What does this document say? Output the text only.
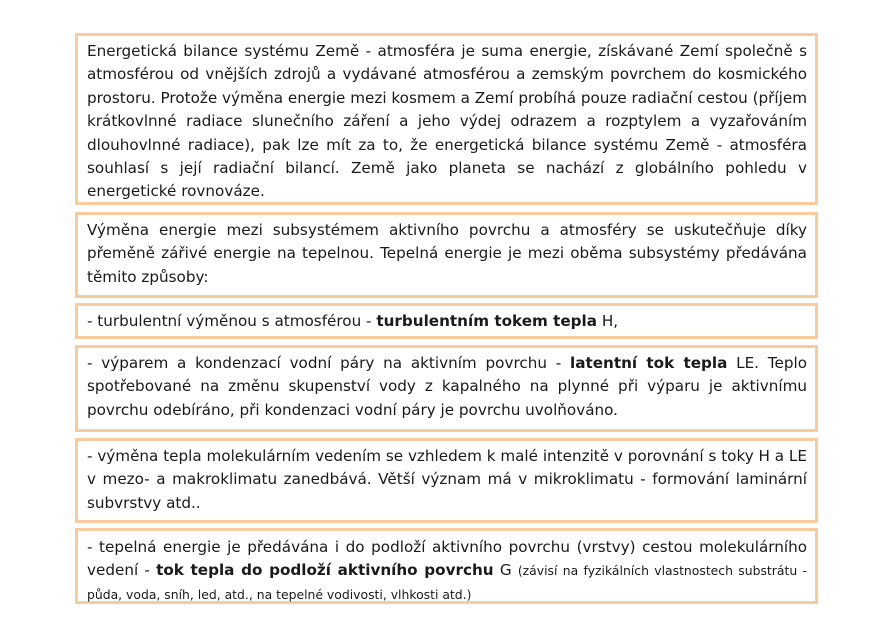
Energetická bilance systému Země - atmosféra je suma energie, získávané Zemí společně s atmosférou od vnějších zdrojů a vydávané atmosférou a zemským povrchem do kosmického prostoru. Protože výměna energie mezi kosmem a Zemí probíhá pouze radiační cestou (příjem krátkovlnné radiace slunečního záření a jeho výdej odrazem a rozptylem a vyzařováním dlouhovlnné radiace), pak lze mít za to, že energetická bilance systému Země - atmosféra souhlasí s její radiační bilancí. Země jako planeta se nachází z globálního pohledu v energetické rovnováze.
Výměna energie mezi subsystémem aktivního povrchu a atmosféry se uskutečňuje díky přeměně zářivé energie na tepelnou. Tepelná energie je mezi oběma subsystémy předávána těmito způsoby:
- turbulentní výměnou s atmosférou - turbulentním tokem tepla H,
- výparem a kondenzací vodní páry na aktivním povrchu - latentní tok tepla LE. Teplo spotřebované na změnu skupenství vody z kapalného na plynné při výparu je aktivnímu povrchu odebíráno, při kondenzaci vodní páry je povrchu uvolňováno.
- výměna tepla molekulárním vedením se vzhledem k malé intenzitě v porovnání s toky H a LE v mezo- a makroklimatu zanedbává. Větší význam má v mikroklimatu - formování laminární subvrstvy atd..
- tepelná energie je předávána i do podloží aktivního povrchu (vrstvy) cestou molekulárního vedení - tok tepla do podloží aktivního povrchu G (závisí na fyzikálních vlastnostech substrátu - půda, voda, sníh, led, atd., na tepelné vodivosti, vlhkosti atd.)
